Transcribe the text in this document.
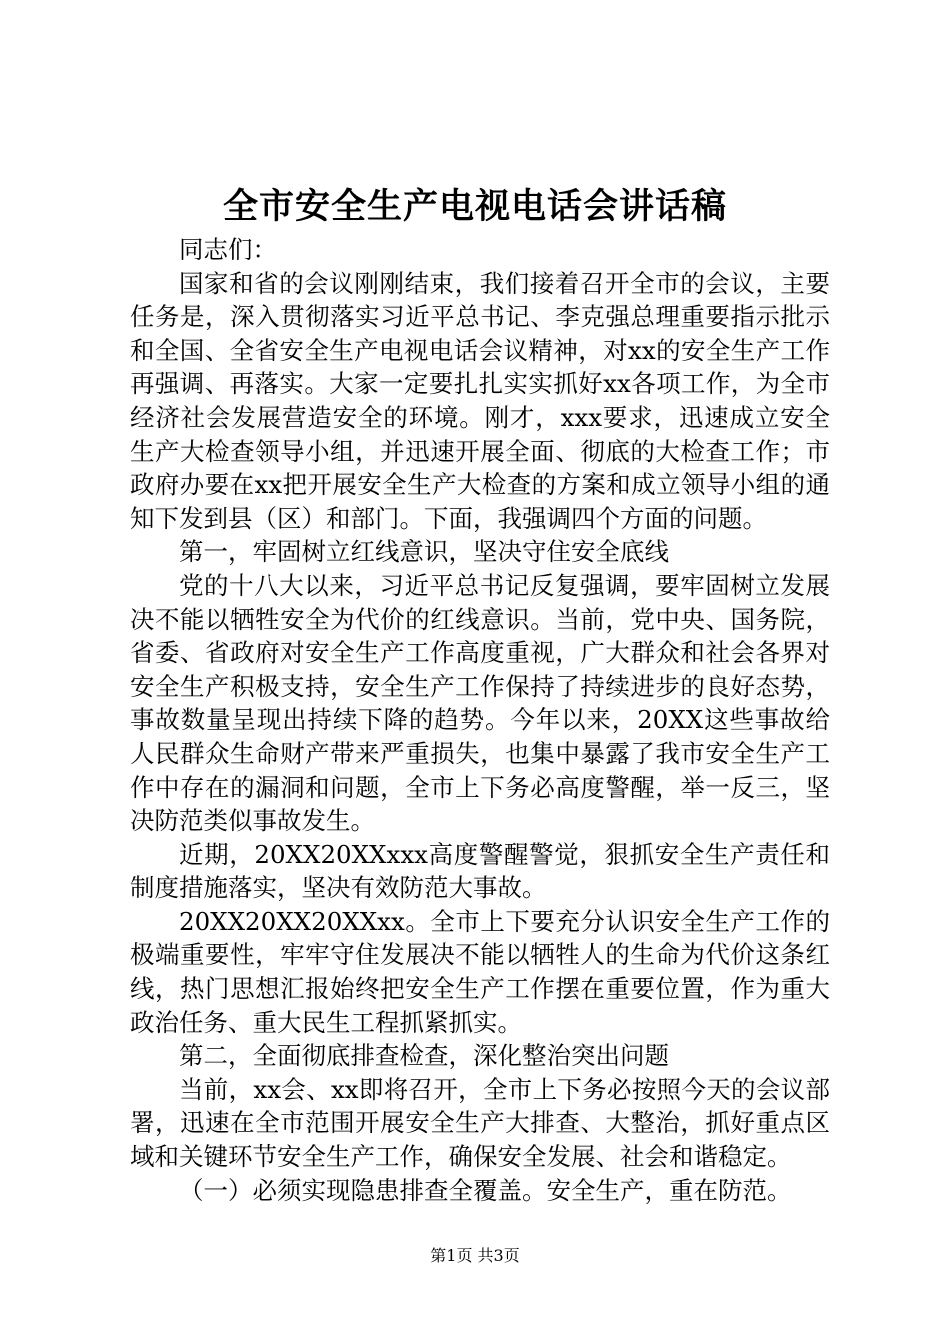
全市安全生产电视电话会讲话稿

同志们：

国家和省的会议刚刚结束，我们接着召开全市的会议，主要任务是，深入贯彻落实习近平总书记、李克强总理重要指示批示和全国、全省安全生产电视电话会议精神，对xx的安全生产工作再强调、再落实。大家一定要扎扎实实抓好xx各项工作，为全市经济社会发展营造安全的环境。刚才，xxx要求，迅速成立安全生产大检查领导小组，并迅速开展全面、彻底的大检查工作；市政府办要在xx把开展安全生产大检查的方案和成立领导小组的通知下发到县（区）和部门。下面，我强调四个方面的问题。

第一，牢固树立红线意识，坚决守住安全底线

党的十八大以来，习近平总书记反复强调，要牢固树立发展决不能以牺牲安全为代价的红线意识。当前，党中央、国务院，省委、省政府对安全生产工作高度重视，广大群众和社会各界对安全生产积极支持，安全生产工作保持了持续进步的良好态势，事故数量呈现出持续下降的趋势。今年以来，20XX这些事故给人民群众生命财产带来严重损失，也集中暴露了我市安全生产工作中存在的漏洞和问题，全市上下务必高度警醒，举一反三，坚决防范类似事故发生。

近期，20XX20XXxxx高度警醒警觉，狠抓安全生产责任和制度措施落实，坚决有效防范大事故。

20XX20XX20XXxx。全市上下要充分认识安全生产工作的极端重要性，牢牢守住发展决不能以牺牲人的生命为代价这条红线，热门思想汇报始终把安全生产工作摆在重要位置，作为重大政治任务、重大民生工程抓紧抓实。

第二，全面彻底排查检查，深化整治突出问题

当前，xx会、xx即将召开，全市上下务必按照今天的会议部署，迅速在全市范围开展安全生产大排查、大整治，抓好重点区域和关键环节安全生产工作，确保安全发展、社会和谐稳定。

（一）必须实现隐患排查全覆盖。安全生产，重在防范。

第1页 共3页
